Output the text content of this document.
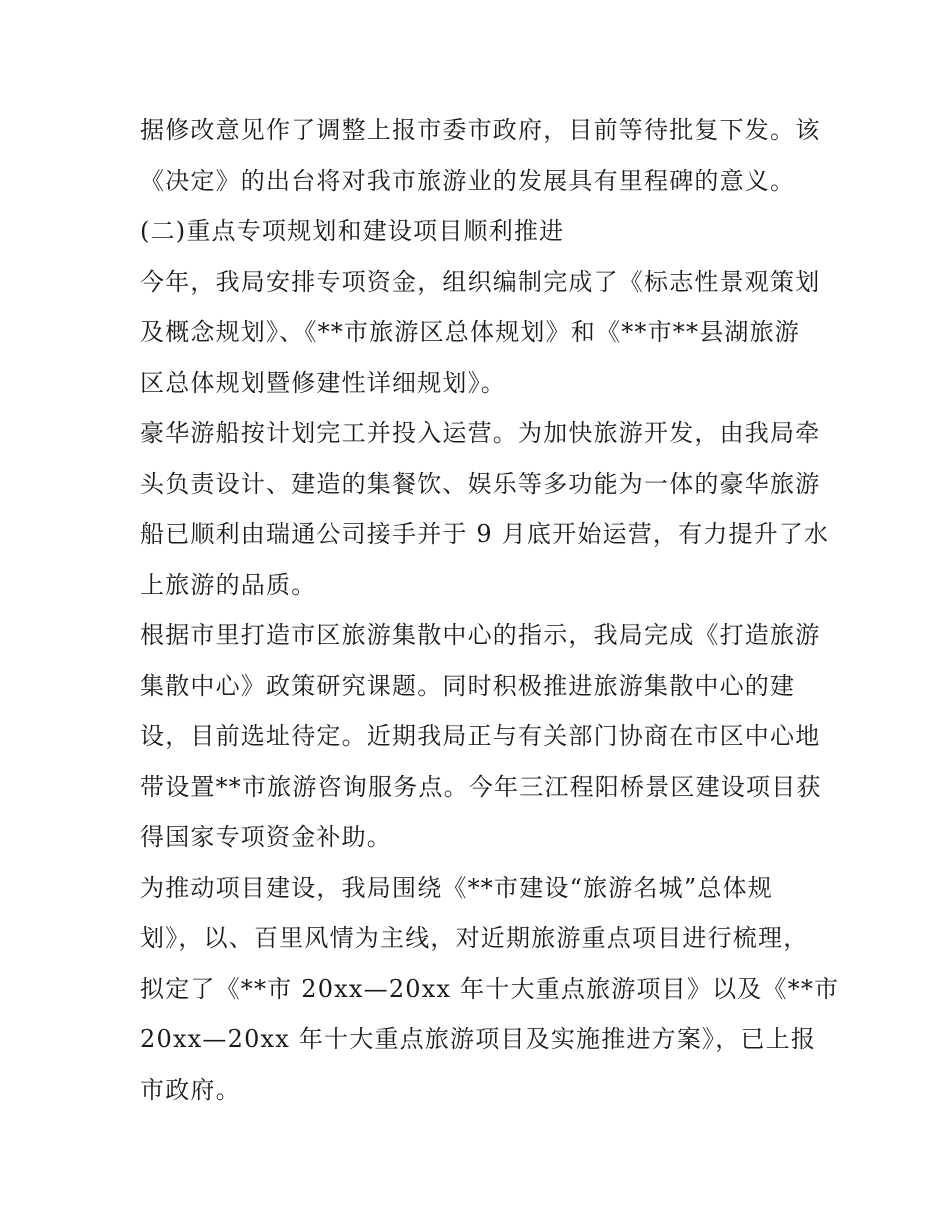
据修改意见作了调整上报市委市政府，目前等待批复下发。该
《决定》的出台将对我市旅游业的发展具有里程碑的意义。
(二)重点专项规划和建设项目顺利推进
今年，我局安排专项资金，组织编制完成了《标志性景观策划
及概念规划》、《**市旅游区总体规划》和《**市**县湖旅游
区总体规划暨修建性详细规划》。
豪华游船按计划完工并投入运营。为加快旅游开发，由我局牵
头负责设计、建造的集餐饮、娱乐等多功能为一体的豪华旅游
船已顺利由瑞通公司接手并于 9 月底开始运营，有力提升了水
上旅游的品质。
根据市里打造市区旅游集散中心的指示，我局完成《打造旅游
集散中心》政策研究课题。同时积极推进旅游集散中心的建
设，目前选址待定。近期我局正与有关部门协商在市区中心地
带设置**市旅游咨询服务点。今年三江程阳桥景区建设项目获
得国家专项资金补助。
为推动项目建设，我局围绕《**市建设“旅游名城”总体规
划》，以、百里风情为主线，对近期旅游重点项目进行梳理，
拟定了《**市 20xx—20xx 年十大重点旅游项目》以及《**市
20xx—20xx 年十大重点旅游项目及实施推进方案》，已上报
市政府。
